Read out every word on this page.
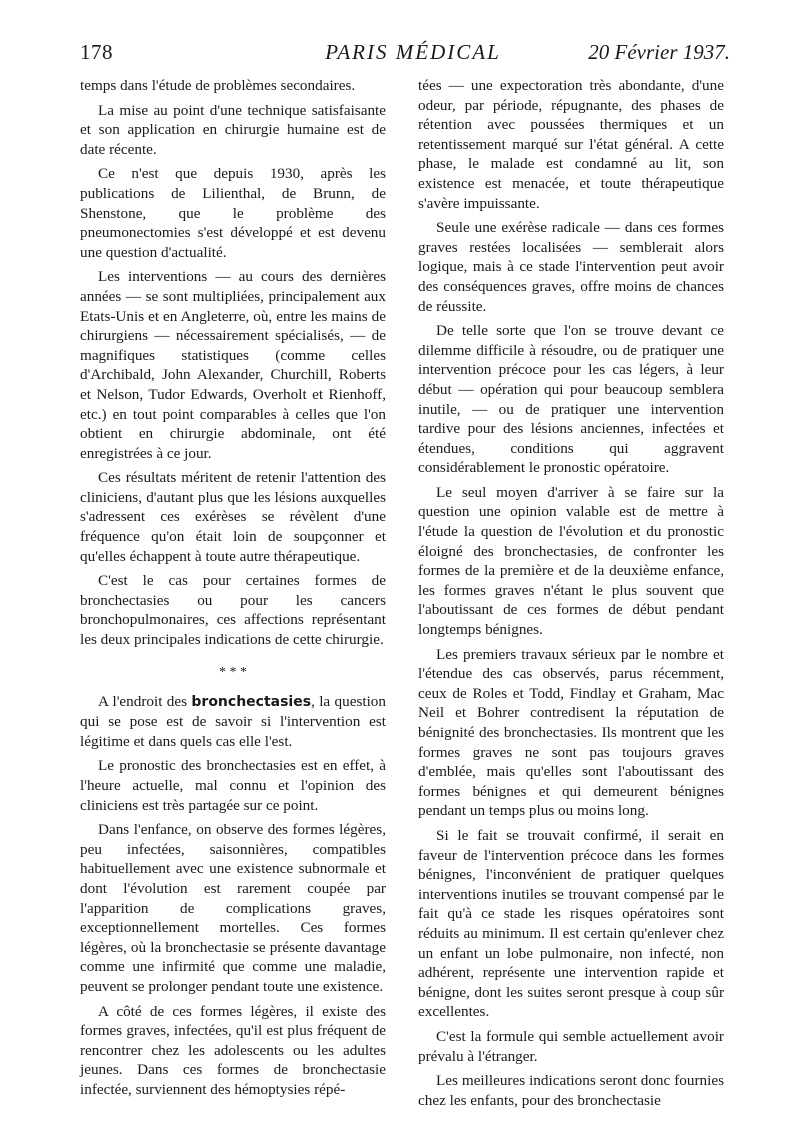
178	PARIS MÉDICAL	20 Février 1937.

temps dans l'étude de problèmes secondaires.

La mise au point d'une technique satisfaisante et son application en chirurgie humaine est de date récente.

Ce n'est que depuis 1930, après les publications de Lilienthal, de Brunn, de Shenstone, que le problème des pneumonectomies s'est développé et est devenu une question d'actualité.

Les interventions — au cours des dernières années — se sont multipliées, principalement aux Etats-Unis et en Angleterre, où, entre les mains de chirurgiens — nécessairement spécialisés, — de magnifiques statistiques (comme celles d'Archibald, John Alexander, Churchill, Roberts et Nelson, Tudor Edwards, Overholt et Rienhoff, etc.) en tout point comparables à celles que l'on obtient en chirurgie abdominale, ont été enregistrées à ce jour.

Ces résultats méritent de retenir l'attention des cliniciens, d'autant plus que les lésions auxquelles s'adressent ces exérèses se révèlent d'une fréquence qu'on était loin de soupçonner et qu'elles échappent à toute autre thérapeutique.

C'est le cas pour certaines formes de bronchectasies ou pour les cancers bronchopulmonaires, ces affections représentant les deux principales indications de cette chirurgie.

* * *

A l'endroit des bronchectasies, la question qui se pose est de savoir si l'intervention est légitime et dans quels cas elle l'est.

Le pronostic des bronchectasies est en effet, à l'heure actuelle, mal connu et l'opinion des cliniciens est très partagée sur ce point.

Dans l'enfance, on observe des formes légères, peu infectées, saisonnières, compatibles habituellement avec une existence subnormale et dont l'évolution est rarement coupée par l'apparition de complications graves, exceptionnellement mortelles. Ces formes légères, où la bronchectasie se présente davantage comme une infirmité que comme une maladie, peuvent se prolonger pendant toute une existence.

A côté de ces formes légères, il existe des formes graves, infectées, qu'il est plus fréquent de rencontrer chez les adolescents ou les adultes jeunes. Dans ces formes de bronchectasie infectée, surviennent des hémoptysies répé-

tées — une expectoration très abondante, d'une odeur, par période, répugnante, des phases de rétention avec poussées thermiques et un retentissement marqué sur l'état général. A cette phase, le malade est condamné au lit, son existence est menacée, et toute thérapeutique s'avère impuissante.

Seule une exérèse radicale — dans ces formes graves restées localisées — semblerait alors logique, mais à ce stade l'intervention peut avoir des conséquences graves, offre moins de chances de réussite.

De telle sorte que l'on se trouve devant ce dilemme difficile à résoudre, ou de pratiquer une intervention précoce pour les cas légers, à leur début — opération qui pour beaucoup semblera inutile, — ou de pratiquer une intervention tardive pour des lésions anciennes, infectées et étendues, conditions qui aggravent considérablement le pronostic opératoire.

Le seul moyen d'arriver à se faire sur la question une opinion valable est de mettre à l'étude la question de l'évolution et du pronostic éloigné des bronchectasies, de confronter les formes de la première et de la deuxième enfance, les formes graves n'étant le plus souvent que l'aboutissant de ces formes de début pendant longtemps bénignes.

Les premiers travaux sérieux par le nombre et l'étendue des cas observés, parus récemment, ceux de Roles et Todd, Findlay et Graham, Mac Neil et Bohrer contredisent la réputation de bénignité des bronchectasies. Ils montrent que les formes graves ne sont pas toujours graves d'emblée, mais qu'elles sont l'aboutissant des formes bénignes et qui demeurent bénignes pendant un temps plus ou moins long.

Si le fait se trouvait confirmé, il serait en faveur de l'intervention précoce dans les formes bénignes, l'inconvénient de pratiquer quelques interventions inutiles se trouvant compensé par le fait qu'à ce stade les risques opératoires sont réduits au minimum. Il est certain qu'enlever chez un enfant un lobe pulmonaire, non infecté, non adhérent, représente une intervention rapide et bénigne, dont les suites seront presque à coup sûr excellentes.

C'est la formule qui semble actuellement avoir prévalu à l'étranger.

Les meilleures indications seront donc fournies chez les enfants, pour des bronchectasie
